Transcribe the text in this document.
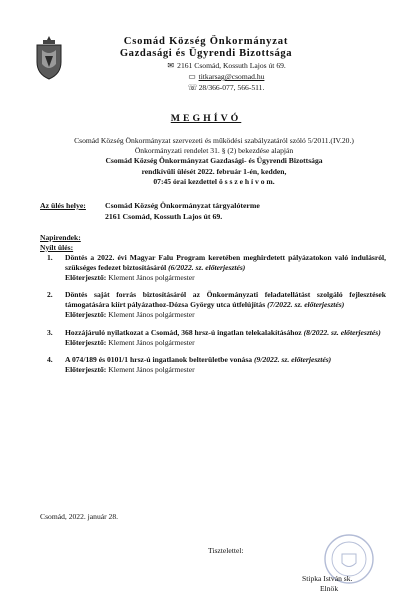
Csomád Község Önkormányzat
Gazdasági és Ügyrendi Bizottsága
✉ 2161 Csomád, Kossuth Lajos út 69.
▭ titkarsag@csomad.hu
☏28/366-077, 566-511.
MEGHÍVÓ
Csomád Község Önkormányzat szervezeti és működési szabályzatáról szóló 5/2011.(IV.20.)
Önkormányzati rendelet 31. § (2) bekezdése alapján
Csomád Község Önkormányzat Gazdasági- és Ügyrendi Bizottsága
rendkívüli ülését 2022. február 1-én, kedden,
07:45 órai kezdettel ö s s z e h í v o m.
Az ülés helye: Csomád Község Önkormányzat tárgyalóterme
2161 Csomád, Kossuth Lajos út 69.
Napirendek:
Nyílt ülés:
1. Döntés a 2022. évi Magyar Falu Program keretében meghirdetett pályázatokon való indulásról, szükséges fedezet biztosításáról (6/2022. sz. előterjesztés)
Előterjesztő: Klement János polgármester
2. Döntés saját forrás biztosításáról az Önkormányzati feladatellátást szolgáló fejlesztések támogatására kiírt pályázathoz-Dózsa György utca útfelújítás (7/2022. sz. előterjesztés)
Előterjesztő: Klement János polgármester
3. Hozzájáruló nyilatkozat a Csomád, 368 hrsz-ú ingatlan telekalakításához (8/2022. sz. előterjesztés)
Előterjesztő: Klement János polgármester
4. A 074/189 és 0101/1 hrsz-ú ingatlanok belterületbe vonása (9/2022. sz. előterjesztés)
Előterjesztő: Klement János polgármester
Csomád, 2022. január 28.
Tisztelettel:
Stipka István sk.
Elnök
